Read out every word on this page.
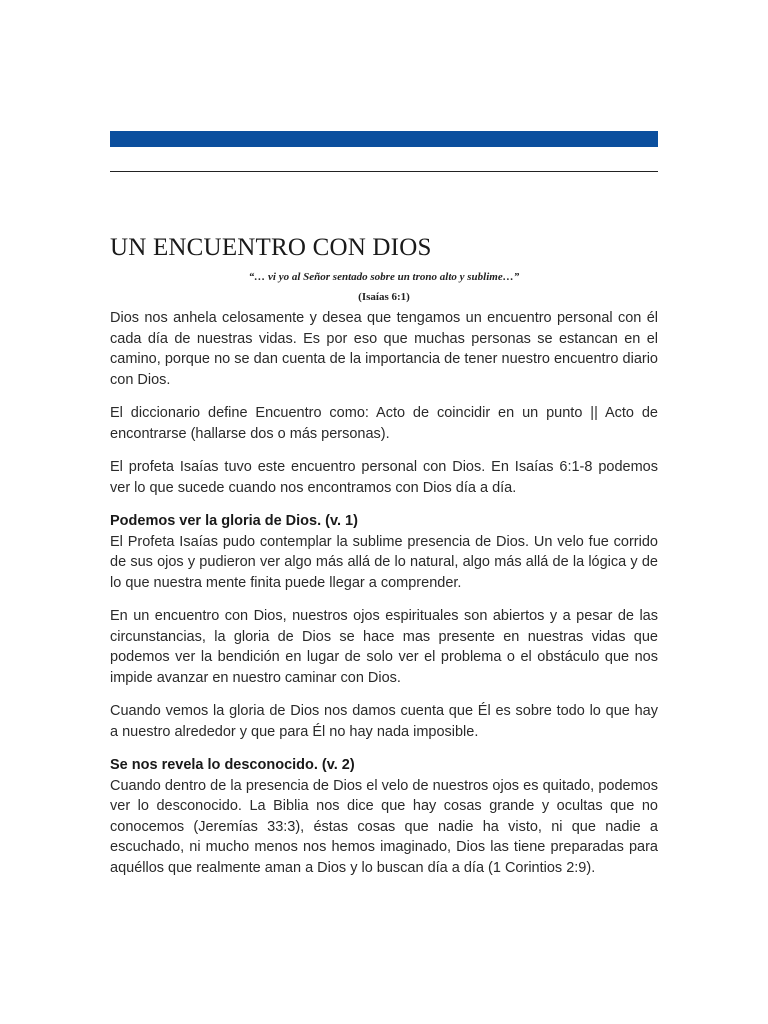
UN ENCUENTRO CON DIOS

“… vi yo al Señor sentado sobre un trono alto y sublime…”

(Isaías 6:1)

Dios nos anhela celosamente y desea que tengamos un encuentro personal con él cada día de nuestras vidas. Es por eso que muchas personas se estancan en el camino, porque no se dan cuenta de la importancia de tener nuestro encuentro diario con Dios.

El diccionario define Encuentro como: Acto de coincidir en un punto || Acto de encontrarse (hallarse dos o más personas).

El profeta Isaías tuvo este encuentro personal con Dios. En Isaías 6:1-8 podemos ver lo que sucede cuando nos encontramos con Dios día a día.

Podemos ver la gloria de Dios. (v. 1)

El Profeta Isaías pudo contemplar la sublime presencia de Dios. Un velo fue corrido de sus ojos y pudieron ver algo más allá de lo natural, algo más allá de la lógica y de lo que nuestra mente finita puede llegar a comprender.

En un encuentro con Dios, nuestros ojos espirituales son abiertos y a pesar de las circunstancias, la gloria de Dios se hace mas presente en nuestras vidas que podemos ver la bendición en lugar de solo ver el problema o el obstáculo que nos impide avanzar en nuestro caminar con Dios.

Cuando vemos la gloria de Dios nos damos cuenta que Él es sobre todo lo que hay a nuestro alrededor y que para Él no hay nada imposible.

Se nos revela lo desconocido. (v. 2)

Cuando dentro de la presencia de Dios el velo de nuestros ojos es quitado, podemos ver lo desconocido. La Biblia nos dice que hay cosas grande y ocultas que no conocemos (Jeremías 33:3), éstas cosas que nadie ha visto, ni que nadie a escuchado, ni mucho menos nos hemos imaginado, Dios las tiene preparadas para aquéllos que realmente aman a Dios y lo buscan día a día (1 Corintios 2:9).
